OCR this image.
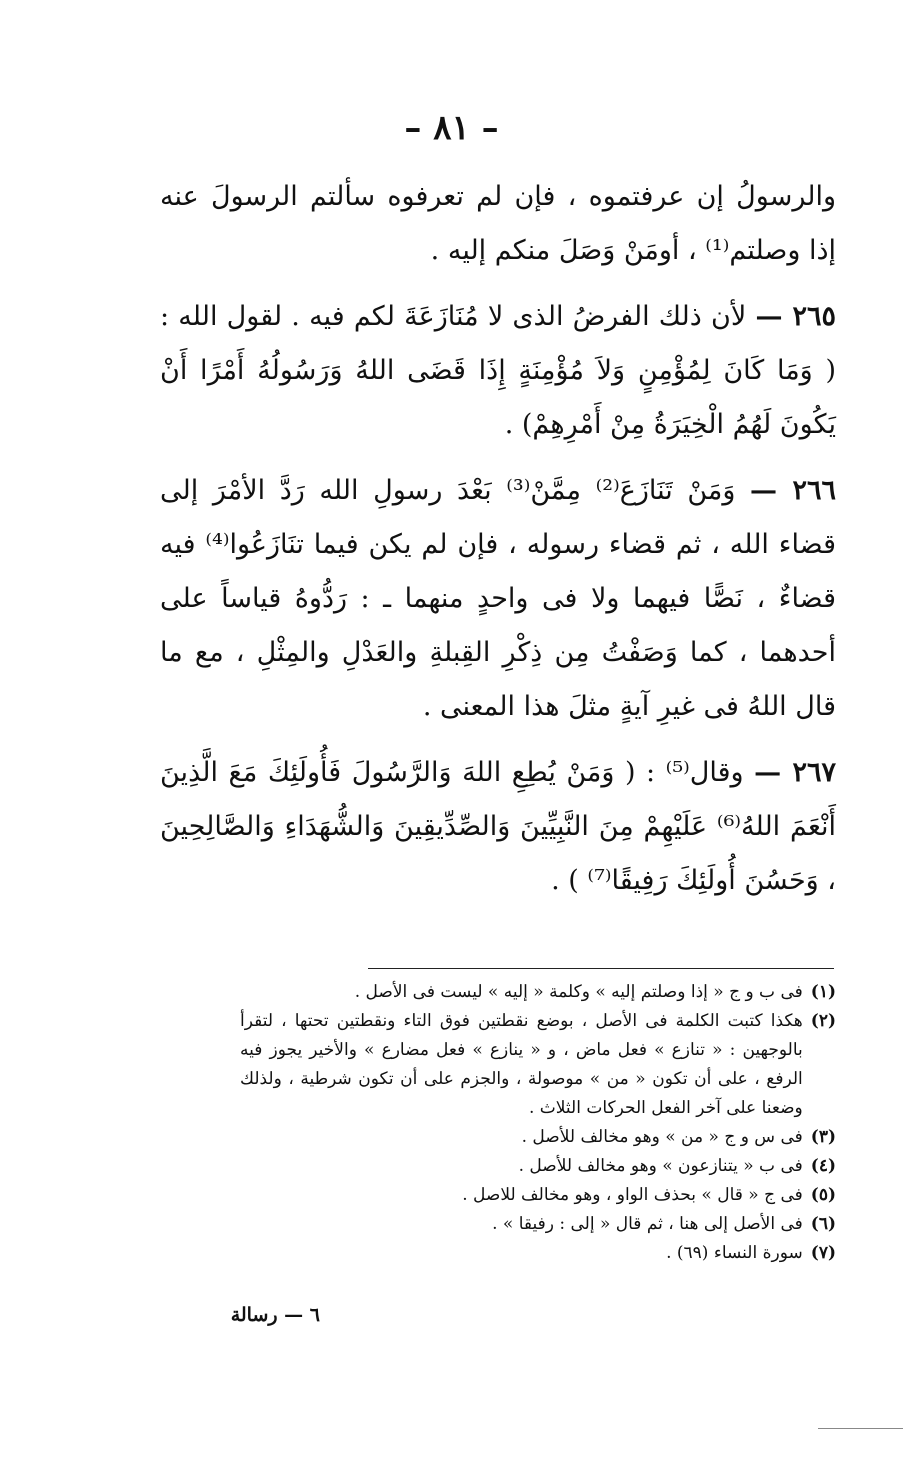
– ٨١ –

والرسولُ إن عرفتموه ، فإن لم تعرفوه سألتم الرسولَ عنه إذا وصلتم⁽¹⁾ ، أومَنْ وَصَلَ منكم إليه .

٢٦٥ — لأن ذلك الفرضُ الذى لا مُنَازَعَةَ لكم فيه . لقول الله : ( وَمَا كَانَ لِمُؤْمِنٍ وَلاَ مُؤْمِنَةٍ إِذَا قَضَى اللهُ وَرَسُولُهُ أَمْرًا أَنْ يَكُونَ لَهُمُ الْخِيَرَةُ مِنْ أَمْرِهِمْ) .

٢٦٦ — وَمَنْ تَنَازَعَ⁽²⁾ مِمَّنْ⁽³⁾ بَعْدَ رسولِ الله رَدَّ الأمْرَ إلى قضاء الله ، ثم قضاء رسوله ، فإن لم يكن فيما تنَازَعُوا⁽⁴⁾ فيه قضاءٌ ، نَصًّا فيهما ولا فى واحدٍ منهما ـ : رَدُّوهُ قياساً على أحدهما ، كما وَصَفْتُ مِن ذِكْرِ القِبلةِ والعَدْلِ والمِثْلِ ، مع ما قال اللهُ فى غيرِ آيةٍ مثلَ هذا المعنى .

٢٦٧ — وقال⁽⁵⁾ : ( وَمَنْ يُطِعِ اللهَ وَالرَّسُولَ فَأُولَئِكَ مَعَ الَّذِينَ أَنْعَمَ اللهُ⁽⁶⁾ عَلَيْهِمْ مِنَ النَّبِيِّينَ وَالصِّدِّيقِينَ وَالشُّهَدَاءِ وَالصَّالِحِينَ ، وَحَسُنَ أُولَئِكَ رَفِيقًا⁽⁷⁾ ) .

(١)
فى ب و ج « إذا وصلتم إليه » وكلمة « إليه » ليست فى الأصل .
(٢)
هكذا كتبت الكلمة فى الأصل ، بوضع نقطتين فوق التاء ونقطتين تحتها ، لتقرأ بالوجهين : « تنازع » فعل ماض ، و « ينازع » فعل مضارع » والأخير يجوز فيه الرفع ، على أن تكون « من » موصولة ، والجزم على أن تكون شرطية ، ولذلك وضعنا على آخر الفعل الحركات الثلاث .
(٣)
فى س و ج « من » وهو مخالف للأصل .
(٤)
فى ب « يتنازعون » وهو مخالف للأصل .
(٥)
فى ج « قال » بحذف الواو ، وهو مخالف للاصل .
(٦)
فى الأصل إلى هنا ، ثم قال « إلى : رفيقا » .
(٧)
سورة النساء (٦٩) .
٦ — رسالة
